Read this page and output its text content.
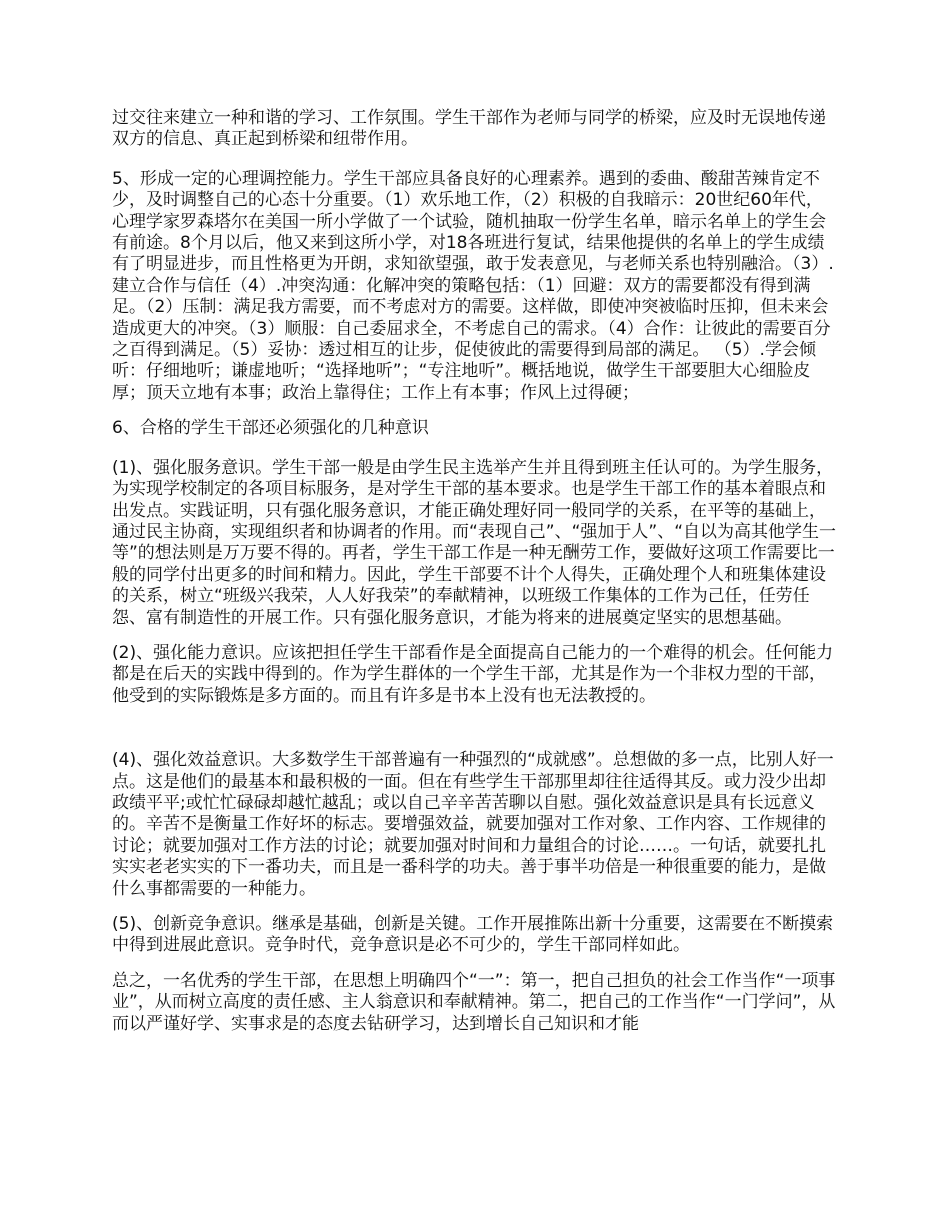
过交往来建立一种和谐的学习、工作氛围。学生干部作为老师与同学的桥梁，应及时无误地传递双方的信息、真正起到桥梁和纽带作用。

5、形成一定的心理调控能力。学生干部应具备良好的心理素养。遇到的委曲、酸甜苦辣肯定不少，及时调整自己的心态十分重要。（1）欢乐地工作，（2）积极的自我暗示：20世纪60年代，心理学家罗森塔尔在美国一所小学做了一个试验，随机抽取一份学生名单，暗示名单上的学生会有前途。8个月以后，他又来到这所小学，对18各班进行复试，结果他提供的名单上的学生成绩有了明显进步，而且性格更为开朗，求知欲望强，敢于发表意见，与老师关系也特别融洽。（3）.建立合作与信任（4）.冲突沟通：化解冲突的策略包括：（1）回避：双方的需要都没有得到满足。（2）压制：满足我方需要，而不考虑对方的需要。这样做，即使冲突被临时压抑，但未来会造成更大的冲突。（3）顺服：自己委屈求全，不考虑自己的需求。（4）合作：让彼此的需要百分之百得到满足。（5）妥协：透过相互的让步，促使彼此的需要得到局部的满足。 （5）.学会倾听：仔细地听；谦虚地听；“选择地听”；“专注地听”。概括地说，做学生干部要胆大心细脸皮厚；顶天立地有本事；政治上靠得住；工作上有本事；作风上过得硬；

6、合格的学生干部还必须强化的几种意识

(1)、强化服务意识。学生干部一般是由学生民主选举产生并且得到班主任认可的。为学生服务，为实现学校制定的各项目标服务，是对学生干部的基本要求。也是学生干部工作的基本着眼点和出发点。实践证明，只有强化服务意识，才能正确处理好同一般同学的关系，在平等的基础上，通过民主协商，实现组织者和协调者的作用。而“表现自己”、“强加于人”、“自以为高其他学生一等”的想法则是万万要不得的。再者，学生干部工作是一种无酬劳工作，要做好这项工作需要比一般的同学付出更多的时间和精力。因此，学生干部要不计个人得失，正确处理个人和班集体建设的关系，树立“班级兴我荣，人人好我荣”的奉献精神，以班级工作集体的工作为己任，任劳任怨、富有制造性的开展工作。只有强化服务意识，才能为将来的进展奠定坚实的思想基础。

(2)、强化能力意识。应该把担任学生干部看作是全面提高自己能力的一个难得的机会。任何能力都是在后天的实践中得到的。作为学生群体的一个学生干部，尤其是作为一个非权力型的干部，他受到的实际锻炼是多方面的。而且有许多是书本上没有也无法教授的。

(4)、强化效益意识。大多数学生干部普遍有一种强烈的“成就感”。总想做的多一点，比别人好一点。这是他们的最基本和最积极的一面。但在有些学生干部那里却往往适得其反。或力没少出却政绩平平;或忙忙碌碌却越忙越乱；或以自己辛辛苦苦聊以自慰。强化效益意识是具有长远意义的。辛苦不是衡量工作好坏的标志。要增强效益，就要加强对工作对象、工作内容、工作规律的讨论；就要加强对工作方法的讨论；就要加强对时间和力量组合的讨论……。一句话，就要扎扎实实老老实实的下一番功夫，而且是一番科学的功夫。善于事半功倍是一种很重要的能力，是做什么事都需要的一种能力。

(5)、创新竞争意识。继承是基础，创新是关键。工作开展推陈出新十分重要，这需要在不断摸索中得到进展此意识。竞争时代，竞争意识是必不可少的，学生干部同样如此。

总之，一名优秀的学生干部，在思想上明确四个“一”：第一，把自己担负的社会工作当作“一项事业”，从而树立高度的责任感、主人翁意识和奉献精神。第二，把自己的工作当作“一门学问”，从而以严谨好学、实事求是的态度去钻研学习，达到增长自己知识和才能
